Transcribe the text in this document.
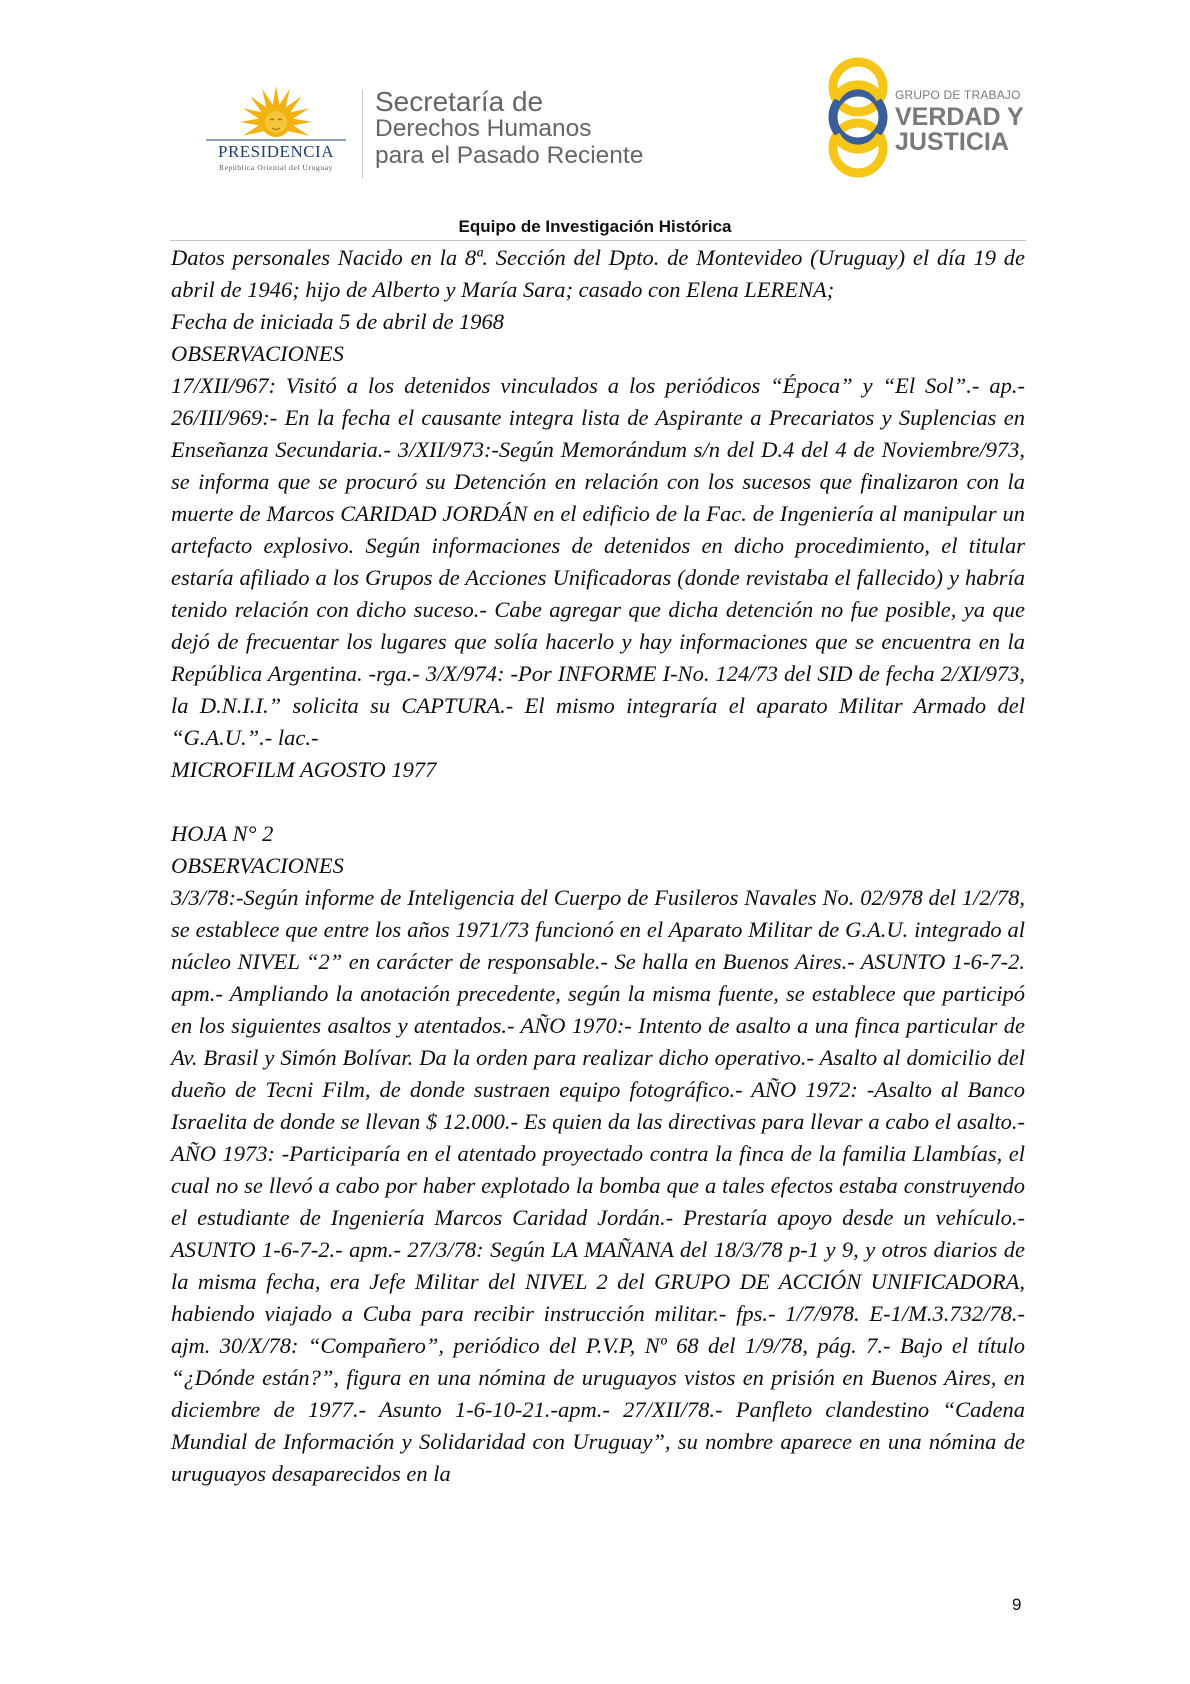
PRESIDENCIA
República Oriental del Uruguay
Secretaría de
Derechos Humanos
para el Pasado Reciente
GRUPO DE TRABAJO
VERDAD Y
JUSTICIA
Equipo de Investigación Histórica

Datos personales Nacido en la 8ª. Sección del Dpto. de Montevideo (Uruguay) el día 19 de abril de 1946; hijo de Alberto y María Sara; casado con Elena LERENA;

Fecha de iniciada 5 de abril de 1968

OBSERVACIONES

17/XII/967: Visitó a los detenidos vinculados a los periódicos “Época” y “El Sol”.- ap.- 26/III/969:- En la fecha el causante integra lista de Aspirante a Precariatos y Suplencias en Enseñanza Secundaria.- 3/XII/973:-Según Memorándum s/n del D.4 del 4 de Noviembre/973, se informa que se procuró su Detención en relación con los sucesos que finalizaron con la muerte de Marcos CARIDAD JORDÁN en el edificio de la Fac. de Ingeniería al manipular un artefacto explosivo. Según informaciones de detenidos en dicho procedimiento, el titular estaría afiliado a los Grupos de Acciones Unificadoras (donde revistaba el fallecido) y habría tenido relación con dicho suceso.- Cabe agregar que dicha detención no fue posible, ya que dejó de frecuentar los lugares que solía hacerlo y hay informaciones que se encuentra en la República Argentina. -rga.- 3/X/974: -Por INFORME I-No. 124/73 del SID de fecha 2/XI/973, la D.N.I.I.” solicita su CAPTURA.- El mismo integraría el aparato Militar Armado del “G.A.U.”.- lac.-

MICROFILM AGOSTO 1977

HOJA N° 2

OBSERVACIONES

3/3/78:-Según informe de Inteligencia del Cuerpo de Fusileros Navales No. 02/978 del 1/2/78, se establece que entre los años 1971/73 funcionó en el Aparato Militar de G.A.U. integrado al núcleo NIVEL “2” en carácter de responsable.- Se halla en Buenos Aires.- ASUNTO 1-6-7-2. apm.- Ampliando la anotación precedente, según la misma fuente, se establece que participó en los siguientes asaltos y atentados.- AÑO 1970:- Intento de asalto a una finca particular de Av. Brasil y Simón Bolívar. Da la orden para realizar dicho operativo.- Asalto al domicilio del dueño de Tecni Film, de donde sustraen equipo fotográfico.- AÑO 1972: -Asalto al Banco Israelita de donde se llevan $ 12.000.- Es quien da las directivas para llevar a cabo el asalto.- AÑO 1973: -Participaría en el atentado proyectado contra la finca de la familia Llambías, el cual no se llevó a cabo por haber explotado la bomba que a tales efectos estaba construyendo el estudiante de Ingeniería Marcos Caridad Jordán.- Prestaría apoyo desde un vehículo.- ASUNTO 1-6-7-2.- apm.- 27/3/78: Según LA MAÑANA del 18/3/78 p-1 y 9, y otros diarios de la misma fecha, era Jefe Militar del NIVEL 2 del GRUPO DE ACCIÓN UNIFICADORA, habiendo viajado a Cuba para recibir instrucción militar.- fps.- 1/7/978. E-1/M.3.732/78.- ajm. 30/X/78: “Compañero”, periódico del P.V.P, Nº 68 del 1/9/78, pág. 7.- Bajo el título “¿Dónde están?”, figura en una nómina de uruguayos vistos en prisión en Buenos Aires, en diciembre de 1977.- Asunto 1-6-10-21.-apm.- 27/XII/78.- Panfleto clandestino “Cadena Mundial de Información y Solidaridad con Uruguay”, su nombre aparece en una nómina de uruguayos desaparecidos en la

9
